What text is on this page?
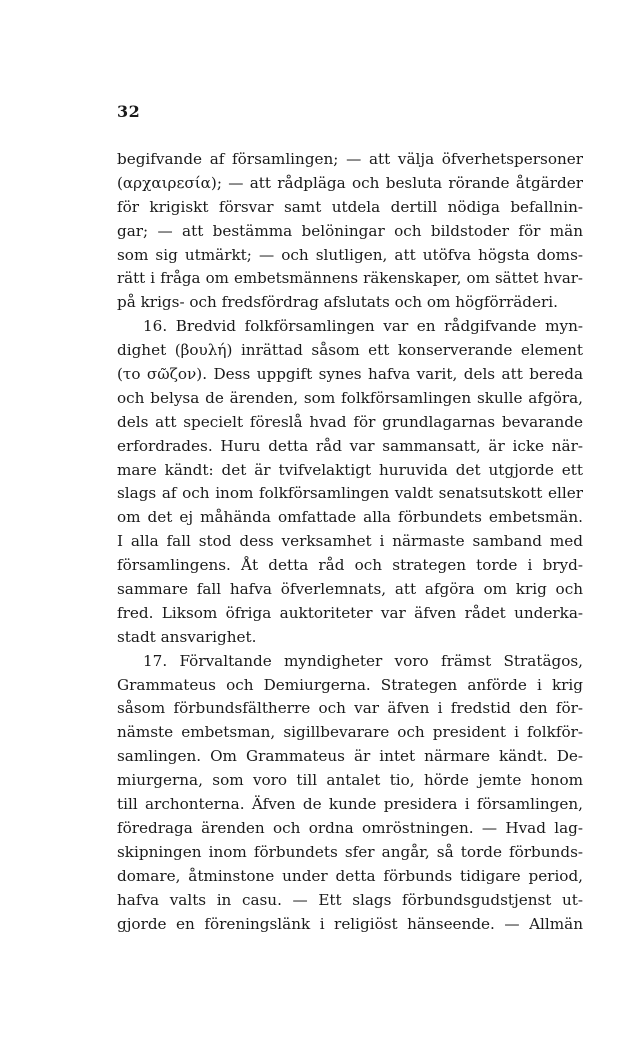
32
begifvande af församlingen; — att välja öfverhetspersoner
(αρχαιρεσία); — att rådpläga och besluta rörande åtgärder
för krigiskt försvar samt utdela dertill nödiga befallnin-
gar; — att bestämma belöningar och bildstoder för män
som sig utmärkt; — och slutligen, att utöfva högsta doms-
rätt i fråga om embetsmännens räkenskaper, om sättet hvar-
på krigs- och fredsfördrag afslutats och om högförräderi.
16. Bredvid folkförsamlingen var en rådgifvande myn-
dighet (βουλή) inrättad såsom ett konserverande element
(το σῶζον). Dess uppgift synes hafva varit, dels att bereda
och belysa de ärenden, som folkförsamlingen skulle afgöra,
dels att specielt föreslå hvad för grundlagarnas bevarande
erfordrades. Huru detta råd var sammansatt, är icke när-
mare kändt: det är tvifvelaktigt huruvida det utgjorde ett
slags af och inom folkförsamlingen valdt senatsutskott eller
om det ej måhända omfattade alla förbundets embetsmän.
I alla fall stod dess verksamhet i närmaste samband med
församlingens. Åt detta råd och strategen torde i bryd-
sammare fall hafva öfverlemnats, att afgöra om krig och
fred. Liksom öfriga auktoriteter var äfven rådet underka-
stadt ansvarighet.
17. Förvaltande myndigheter voro främst Stratägos,
Grammateus och Demiurgerna. Strategen anförde i krig
såsom förbundsfältherre och var äfven i fredstid den för-
nämste embetsman, sigillbevarare och president i folkför-
samlingen. Om Grammateus är intet närmare kändt. De-
miurgerna, som voro till antalet tio, hörde jemte honom
till archonterna. Äfven de kunde presidera i församlingen,
föredraga ärenden och ordna omröstningen. — Hvad lag-
skipningen inom förbundets sfer angår, så torde förbunds-
domare, åtminstone under detta förbunds tidigare period,
hafva valts in casu. — Ett slags förbundsgudstjenst ut-
gjorde en föreningslänk i religiöst hänseende. — Allmän
